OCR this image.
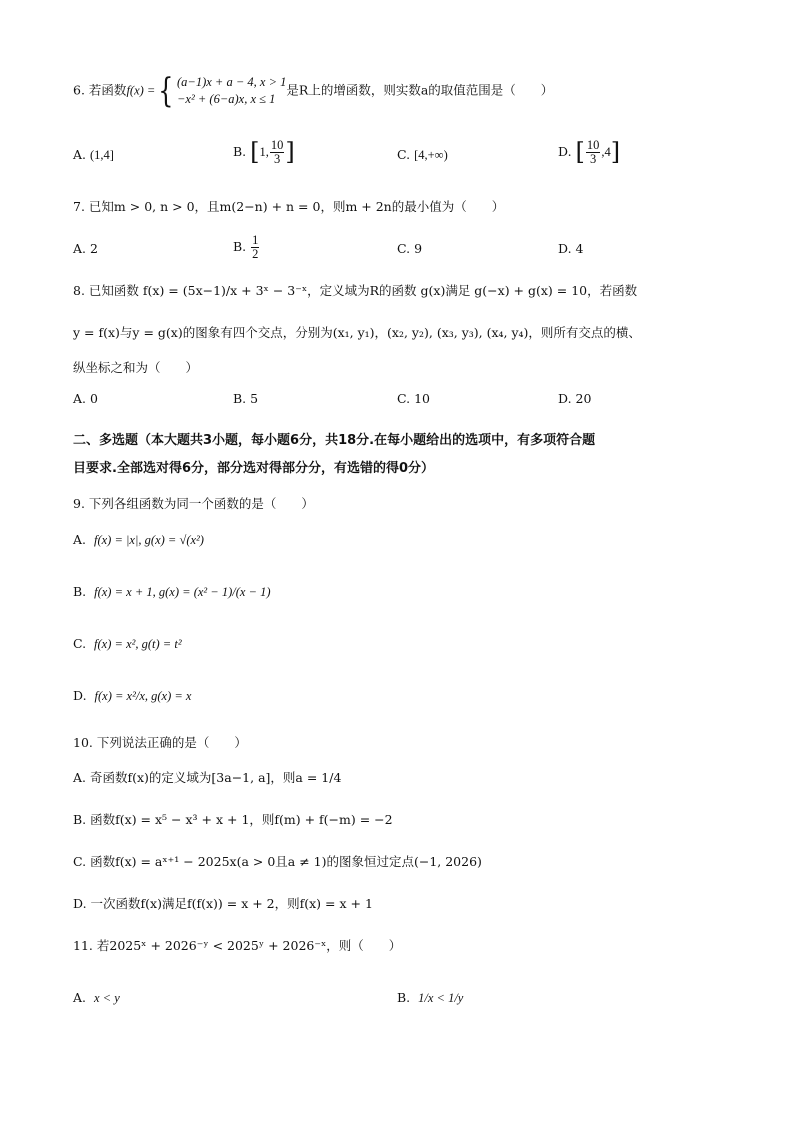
6. 若函数f(x) ={ (a−1)x + a − 4, x > 1
−x² + (6−a)x, x ≤ 1
是R上的增函数，则实数a的取值范围是（　　）
A. (1,4]	B. [1, $\frac{10}{3}$ ]	C. [4,+∞)	D. [ $\frac{10}{3} ,4$]
7. 已知m > 0, n > 0，且m(2−n) + n = 0，则m + 2n的最小值为（　　）
A. 2	B. $\frac{1}{2}$	C. 9	D. 4
8. 已知函数 f(x) = (5x−1)/x + 3ˣ − 3⁻ˣ，定义域为R的函数 g(x)满足 g(−x) + g(x) = 10，若函数
y = f(x)与y = g(x)的图象有四个交点，分别为(x₁, y₁)，(x₂, y₂), (x₃, y₃), (x₄, y₄)，则所有交点的横、
纵坐标之和为（　　）
A. 0	B. 5	C. 10	D. 20
二、多选题（本大题共3小题，每小题6分，共18分.在每小题给出的选项中，有多项符合题
目要求.全部选对得6分，部分选对得部分分，有选错的得0分）
9. 下列各组函数为同一个函数的是（　　）
A. f(x) = |x|, g(x) = √(x²)
B. f(x) = x + 1, g(x) = (x² − 1)/(x − 1)
C. f(x) = x², g(t) = t²
D. f(x) = x²/x, g(x) = x
10. 下列说法正确的是（　　）
A. 奇函数f(x)的定义域为[3a−1, a]，则a = 1/4
B. 函数f(x) = x⁵ − x³ + x + 1，则f(m) + f(−m) = −2
C. 函数f(x) = aˣ⁺¹ − 2025x(a > 0且a ≠ 1)的图象恒过定点(−1, 2026)
D. 一次函数f(x)满足f(f(x)) = x + 2，则f(x) = x + 1
11. 若2025ˣ + 2026⁻ʸ < 2025ʸ + 2026⁻ˣ，则（　　）
A. x < y	B. 1/x < 1/y
